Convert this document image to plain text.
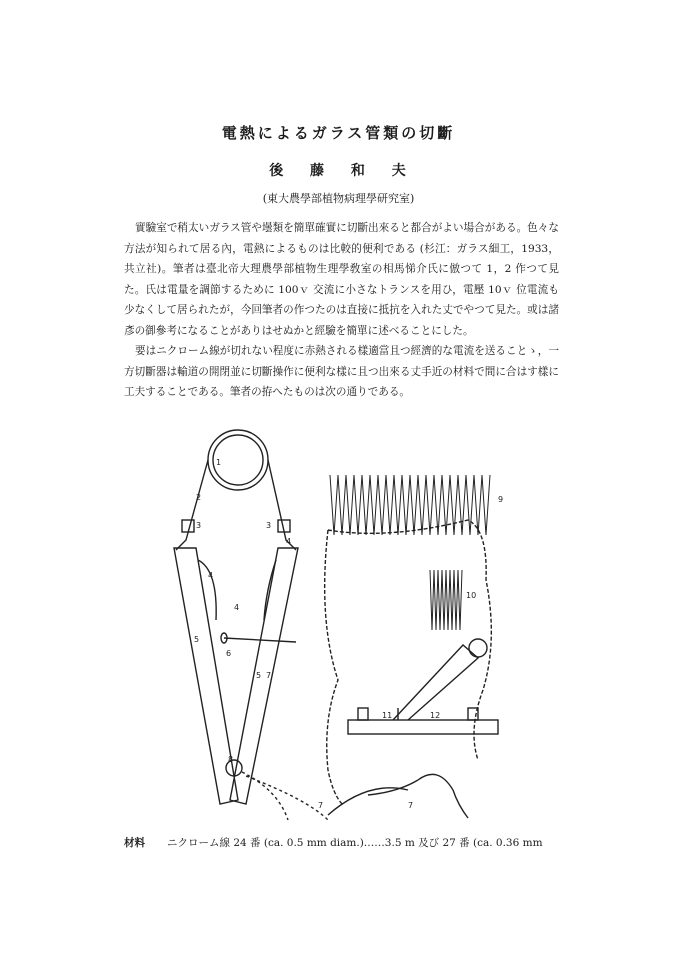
電熱によるガラス管類の切斷
後 藤 和 夫
(東大農學部植物病理學研究室)

實驗室で稍太いガラス管や壜類を簡單確實に切斷出來ると都合がよい場合がある。色々な方法が知られて居る內，電熱によるものは比較的便利である (杉江：ガラス細工，1933，共立社)。筆者は臺北帝大理農學部植物生理學敎室の相馬悌介氏に倣つて 1，2 作つて見た。氏は電量を調節するために 100ｖ 交流に小さなトランスを用ひ，電壓 10ｖ 位電流も少なくして居られたが，今回筆者の作つたのは直接に抵抗を入れた丈でやつて見た。或は諸彥の御參考になることがありはせぬかと經驗を簡單に述べることにした。

要はニクローム線が切れない程度に赤熱される樣適當且つ經濟的な電流を送ることゝ，一方切斷器は輸道の開閉並に切斷操作に便利な樣に且つ出來る丈手近の材料で間に合はす樣に工夫することである。筆者の拵へたものは次の通りである。

1
2
3	3
4
4
4
5
5
6
7
7	7
8
9
10
11	12
材料 ニクローム線 24 番 (ca. 0.5 mm diam.)……3.5 m 及び 27 番 (ca. 0.36 mm
